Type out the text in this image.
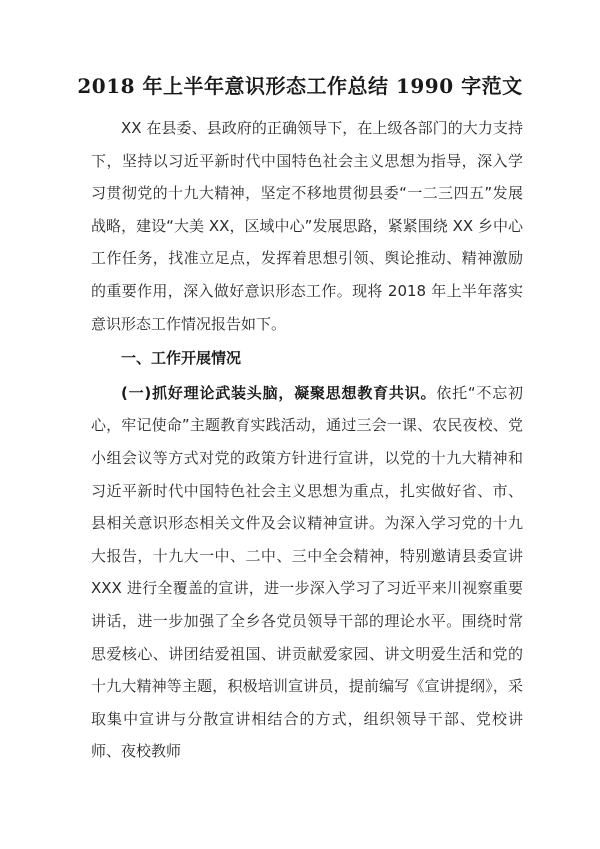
2018 年上半年意识形态工作总结 1990 字范文

XX 在县委、县政府的正确领导下，在上级各部门的大力支持下，坚持以习近平新时代中国特色社会主义思想为指导，深入学习贯彻党的十九大精神，坚定不移地贯彻县委“一二三四五”发展战略，建设“大美 XX，区域中心”发展思路，紧紧围绕 XX 乡中心工作任务，找准立足点，发挥着思想引领、舆论推动、精神激励的重要作用，深入做好意识形态工作。现将 2018 年上半年落实意识形态工作情况报告如下。

一、工作开展情况

(一)抓好理论武装头脑，凝聚思想教育共识。依托“不忘初心，牢记使命”主题教育实践活动，通过三会一课、农民夜校、党小组会议等方式对党的政策方针进行宣讲，以党的十九大精神和习近平新时代中国特色社会主义思想为重点，扎实做好省、市、县相关意识形态相关文件及会议精神宣讲。为深入学习党的十九大报告，十九大一中、二中、三中全会精神，特别邀请县委宣讲 XXX 进行全覆盖的宣讲，进一步深入学习了习近平来川视察重要讲话，进一步加强了全乡各党员领导干部的理论水平。围绕时常思爱核心、讲团结爱祖国、讲贡献爱家园、讲文明爱生活和党的十九大精神等主题，积极培训宣讲员，提前编写《宣讲提纲》，采取集中宣讲与分散宣讲相结合的方式，组织领导干部、党校讲师、夜校教师
